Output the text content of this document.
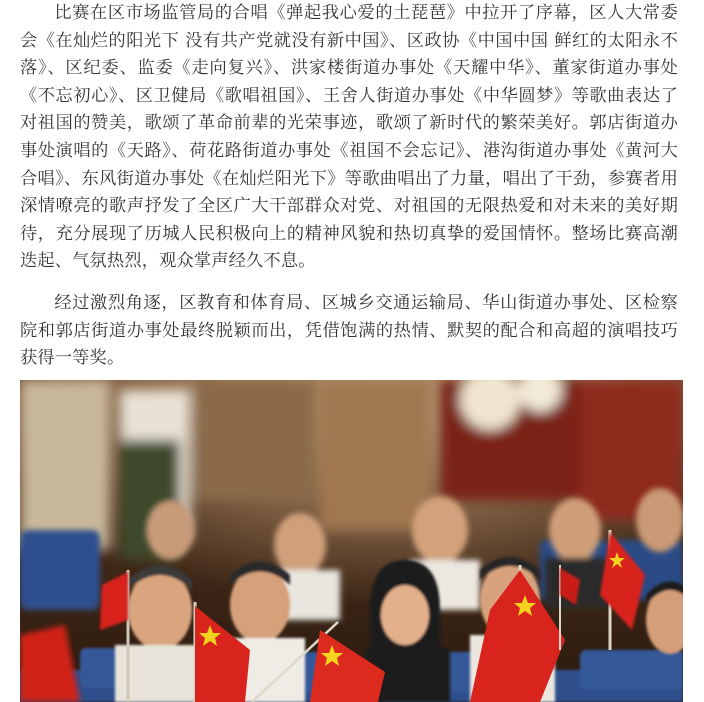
比赛在区市场监管局的合唱《弹起我心爱的土琵琶》中拉开了序幕，区人大常委会《在灿烂的阳光下 没有共产党就没有新中国》、区政协《中国中国 鲜红的太阳永不落》、区纪委、监委《走向复兴》、洪家楼街道办事处《天耀中华》、董家街道办事处《不忘初心》、区卫健局《歌唱祖国》、王舍人街道办事处《中华圆梦》等歌曲表达了对祖国的赞美，歌颂了革命前辈的光荣事迹，歌颂了新时代的繁荣美好。郭店街道办事处演唱的《天路》、荷花路街道办事处《祖国不会忘记》、港沟街道办事处《黄河大合唱》、东风街道办事处《在灿烂阳光下》等歌曲唱出了力量，唱出了干劲，参赛者用深情嘹亮的歌声抒发了全区广大干部群众对党、对祖国的无限热爱和对未来的美好期待，充分展现了历城人民积极向上的精神风貌和热切真挚的爱国情怀。整场比赛高潮迭起、气氛热烈，观众掌声经久不息。

经过激烈角逐，区教育和体育局、区城乡交通运输局、华山街道办事处、区检察院和郭店街道办事处最终脱颖而出，凭借饱满的热情、默契的配合和高超的演唱技巧获得一等奖。
